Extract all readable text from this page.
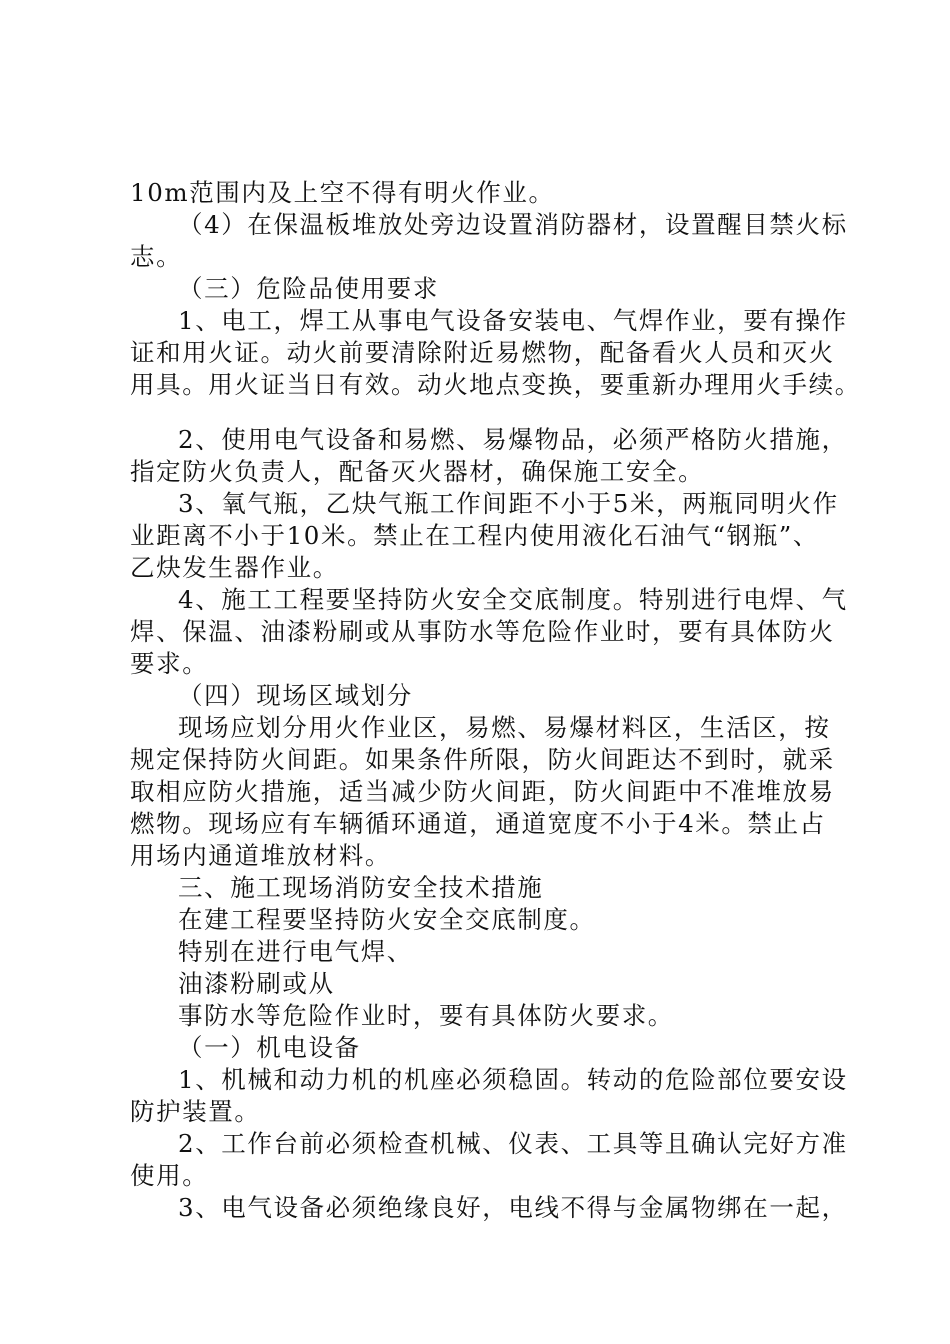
10m范围内及上空不得有明火作业。
（4）在保温板堆放处旁边设置消防器材，设置醒目禁火标
志。
（三）危险品使用要求
1、电工，焊工从事电气设备安装电、气焊作业，要有操作
证和用火证。动火前要清除附近易燃物，配备看火人员和灭火
用具。用火证当日有效。动火地点变换，要重新办理用火手续。
2、使用电气设备和易燃、易爆物品，必须严格防火措施，
指定防火负责人，配备灭火器材，确保施工安全。
3、氧气瓶，乙炔气瓶工作间距不小于5米，两瓶同明火作
业距离不小于10米。禁止在工程内使用液化石油气“钢瓶”、
乙炔发生器作业。
4、施工工程要坚持防火安全交底制度。特别进行电焊、气
焊、保温、油漆粉刷或从事防水等危险作业时，要有具体防火
要求。
（四）现场区域划分
现场应划分用火作业区，易燃、易爆材料区，生活区，按
规定保持防火间距。如果条件所限，防火间距达不到时，就采
取相应防火措施，适当减少防火间距，防火间距中不准堆放易
燃物。现场应有车辆循环通道，通道宽度不小于4米。禁止占
用场内通道堆放材料。
三、施工现场消防安全技术措施
在建工程要坚持防火安全交底制度。
特别在进行电气焊、
油漆粉刷或从
事防水等危险作业时，要有具体防火要求。
（一）机电设备
1、机械和动力机的机座必须稳固。转动的危险部位要安设
防护装置。
2、工作台前必须检查机械、仪表、工具等且确认完好方准
使用。
3、电气设备必须绝缘良好，电线不得与金属物绑在一起，
